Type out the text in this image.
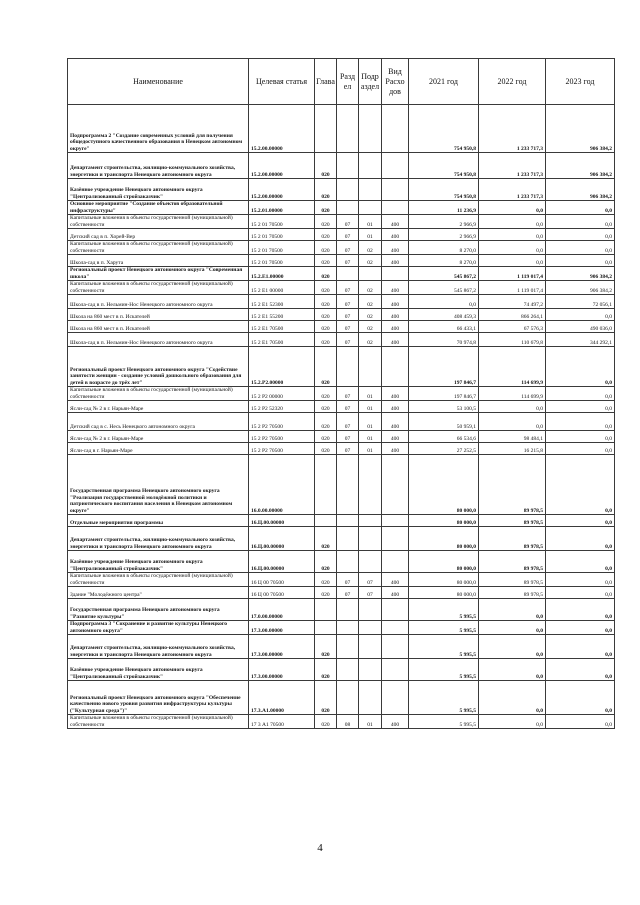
Наименование	Целевая статья	Глава	Разд ел	Подр аздел	Вид Расхо дов	2021 год	2022 год	2023 год
Подпрограмма 2 "Создание современных условий для получения общедоступного качественного образования в Ненецком автономном округе"	15.2.00.00000					754 950,8	1 233 717,3	906 384,2
Департамент строительства, жилищно-коммунального хозяйства, энергетики и транспорта Ненецкого автономного округа	15.2.00.00000	020				754 950,8	1 233 717,3	906 384,2
Казённое учреждение Ненецкого автономного округа "Централизованный стройзаказчик"	15.2.00.00000	020				754 950,8	1 233 717,3	906 384,2
Основное мероприятие "Создание объектов образовательной инфраструктуры"	15.2.01.00000	020				11 236,9	0,0	0,0
Капитальные вложения в объекты государственной (муниципальной) собственности	15 2 01 70500	020	07	01	400	2 966,9	0,0	0,0
Детский сад в п. Хорей-Вер	15 2 01 70500	020	07	01	400	2 966,9	0,0	0,0
Капитальные вложения в объекты государственной (муниципальной) собственности	15 2 01 70500	020	07	02	400	8 270,0	0,0	0,0
Школа-сад в п. Харута	15 2 01 70500	020	07	02	400	8 270,0	0,0	0,0
Региональный проект Ненецкого автономного округа "Современная школа"	15.2.Е1.00000	020				545 867,2	1 119 017,4	906 384,2
Капитальные вложения в объекты государственной (муниципальной) собственности	15 2 Е1 00000	020	07	02	400	545 867,2	1 119 017,4	906 384,2
Школа-сад в п. Нельмин-Нос Ненецкого автономного округа	15 2 Е1 52300	020	07	02	400	0,0	74 497,2	72 056,1
Школа на 860 мест в п. Искателей	15 2 Е1 55200	020	07	02	400	408 459,3	866 264,1	0,0
Школа на 860 мест в п. Искателей	15 2 Е1 70500	020	07	02	400	66 433,1	67 576,3	490 036,0
Школа-сад в п. Нельмин-Нос Ненецкого автономного округа	15 2 Е1 70500	020	07	02	400	70 974,8	110 679,8	344 292,1
Региональный проект Ненецкого автономного округа "Содействие занятости женщин - создание условий дошкольного образования для детей в возрасте до трёх лет"	15.2.Р2.00000	020				197 846,7	114 699,9	0,0
Капитальные вложения в объекты государственной (муниципальной) собственности	15 2 Р2 00000	020	07	01	400	197 846,7	114 699,9	0,0
Ясли-сад № 2 в г. Нарьян-Маре	15 2 Р2 52320	020	07	01	400	53 100,5	0,0	0,0
Детский сад в с. Несь Ненецкого автономного округа	15 2 Р2 70500	020	07	01	400	50 959,1	0,0	0,0
Ясли-сад № 2 в г. Нарьян-Маре	15 2 Р2 70500	020	07	01	400	66 534,6	98 484,1	0,0
Ясли-сад в г. Нарьян-Маре	15 2 Р2 70500	020	07	01	400	27 252,5	16 215,8	0,0
Государственная программа Ненецкого автономного округа "Реализация государственной молодёжной политики и патриотического воспитания населения в Ненецком автономном округе"	16.0.00.00000					80 000,0	89 978,5	0,0
Отдельные мероприятия программы	16.Ц.00.00000					80 000,0	89 978,5	0,0
Департамент строительства, жилищно-коммунального хозяйства, энергетики и транспорта Ненецкого автономного округа	16.Ц.00.00000	020				80 000,0	89 978,5	0,0
Казённое учреждение Ненецкого автономного округа "Централизованный стройзаказчик"	16.Ц.00.00000	020				80 000,0	89 978,5	0,0
Капитальные вложения в объекты государственной (муниципальной) собственности	16 Ц 00 70500	020	07	07	400	80 000,0	89 978,5	0,0
Здание "Молодёжного центра"	16 Ц 00 70500	020	07	07	400	80 000,0	89 978,5	0,0
Государственная программа Ненецкого автономного округа "Развитие культуры"	17.0.00.00000					5 995,5	0,0	0,0
Подпрограмма 3 "Сохранение и развитие культуры Ненецкого автономного округа"	17.3.00.00000					5 995,5	0,0	0,0
Департамент строительства, жилищно-коммунального хозяйства, энергетики и транспорта Ненецкого автономного округа	17.3.00.00000	020				5 995,5	0,0	0,0
Казённое учреждение Ненецкого автономного округа "Централизованный стройзаказчик"	17.3.00.00000	020				5 995,5	0,0	0,0
Региональный проект Ненецкого автономного округа "Обеспечение качественно нового уровня развития инфраструктуры культуры ("Культурная среда")"	17.3.А1.00000	020				5 995,5	0,0	0,0
Капитальные вложения в объекты государственной (муниципальной) собственности	17 3 А1 70500	020	08	01	400	5 995,5	0,0	0,0
4
